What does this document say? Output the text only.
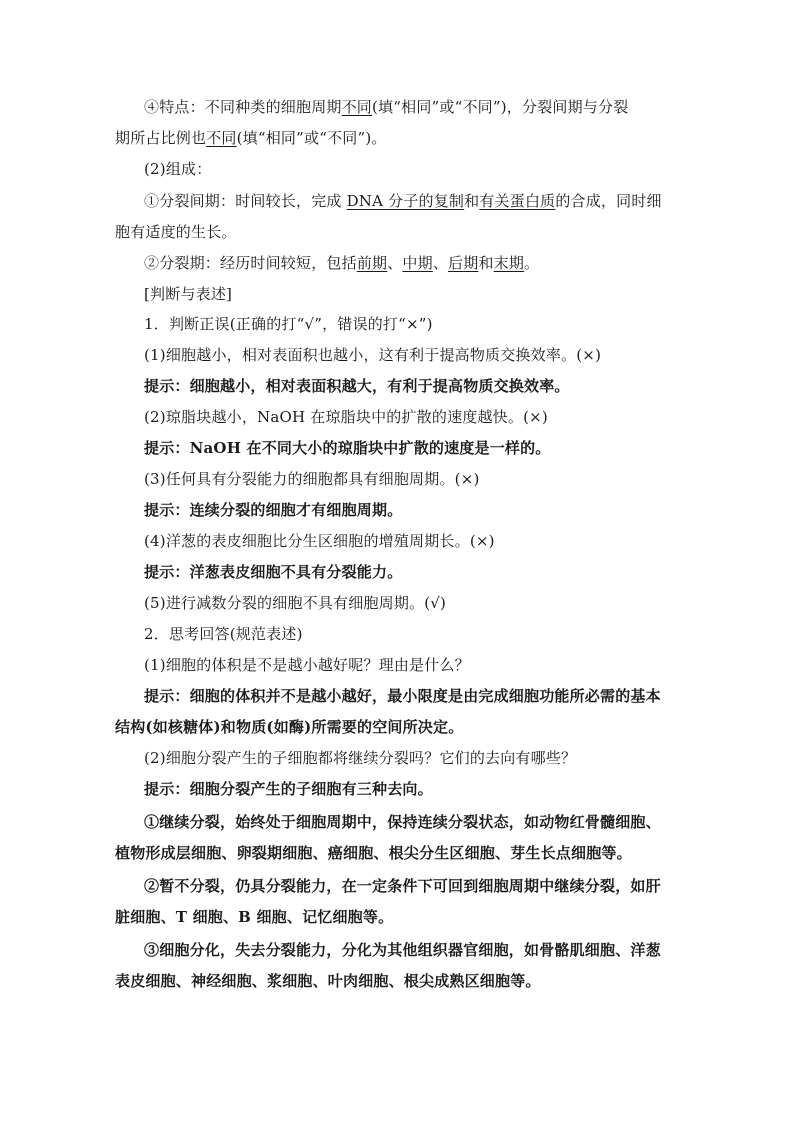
④特点：不同种类的细胞周期不同(填“相同”或“不同”)，分裂间期与分裂
期所占比例也不同(填“相同”或“不同”)。
(2)组成：
①分裂间期：时间较长，完成 DNA 分子的复制和有关蛋白质的合成，同时细
胞有适度的生长。
②分裂期：经历时间较短，包括前期、中期、后期和末期。
[判断与表述]
1．判断正误(正确的打“√”，错误的打“×”)
(1)细胞越小，相对表面积也越小，这有利于提高物质交换效率。(×)
提示：细胞越小，相对表面积越大，有利于提高物质交换效率。
(2)琼脂块越小，NaOH 在琼脂块中的扩散的速度越快。(×)
提示：NaOH 在不同大小的琼脂块中扩散的速度是一样的。
(3)任何具有分裂能力的细胞都具有细胞周期。(×)
提示：连续分裂的细胞才有细胞周期。
(4)洋葱的表皮细胞比分生区细胞的增殖周期长。(×)
提示：洋葱表皮细胞不具有分裂能力。
(5)进行减数分裂的细胞不具有细胞周期。(√)
2．思考回答(规范表述)
(1)细胞的体积是不是越小越好呢？理由是什么？
提示：细胞的体积并不是越小越好，最小限度是由完成细胞功能所必需的基本
结构(如核糖体)和物质(如酶)所需要的空间所决定。
(2)细胞分裂产生的子细胞都将继续分裂吗？它们的去向有哪些？
提示：细胞分裂产生的子细胞有三种去向。
①继续分裂，始终处于细胞周期中，保持连续分裂状态，如动物红骨髓细胞、
植物形成层细胞、卵裂期细胞、癌细胞、根尖分生区细胞、芽生长点细胞等。
②暂不分裂，仍具分裂能力，在一定条件下可回到细胞周期中继续分裂，如肝
脏细胞、T 细胞、B 细胞、记忆细胞等。
③细胞分化，失去分裂能力，分化为其他组织器官细胞，如骨骼肌细胞、洋葱
表皮细胞、神经细胞、浆细胞、叶肉细胞、根尖成熟区细胞等。
